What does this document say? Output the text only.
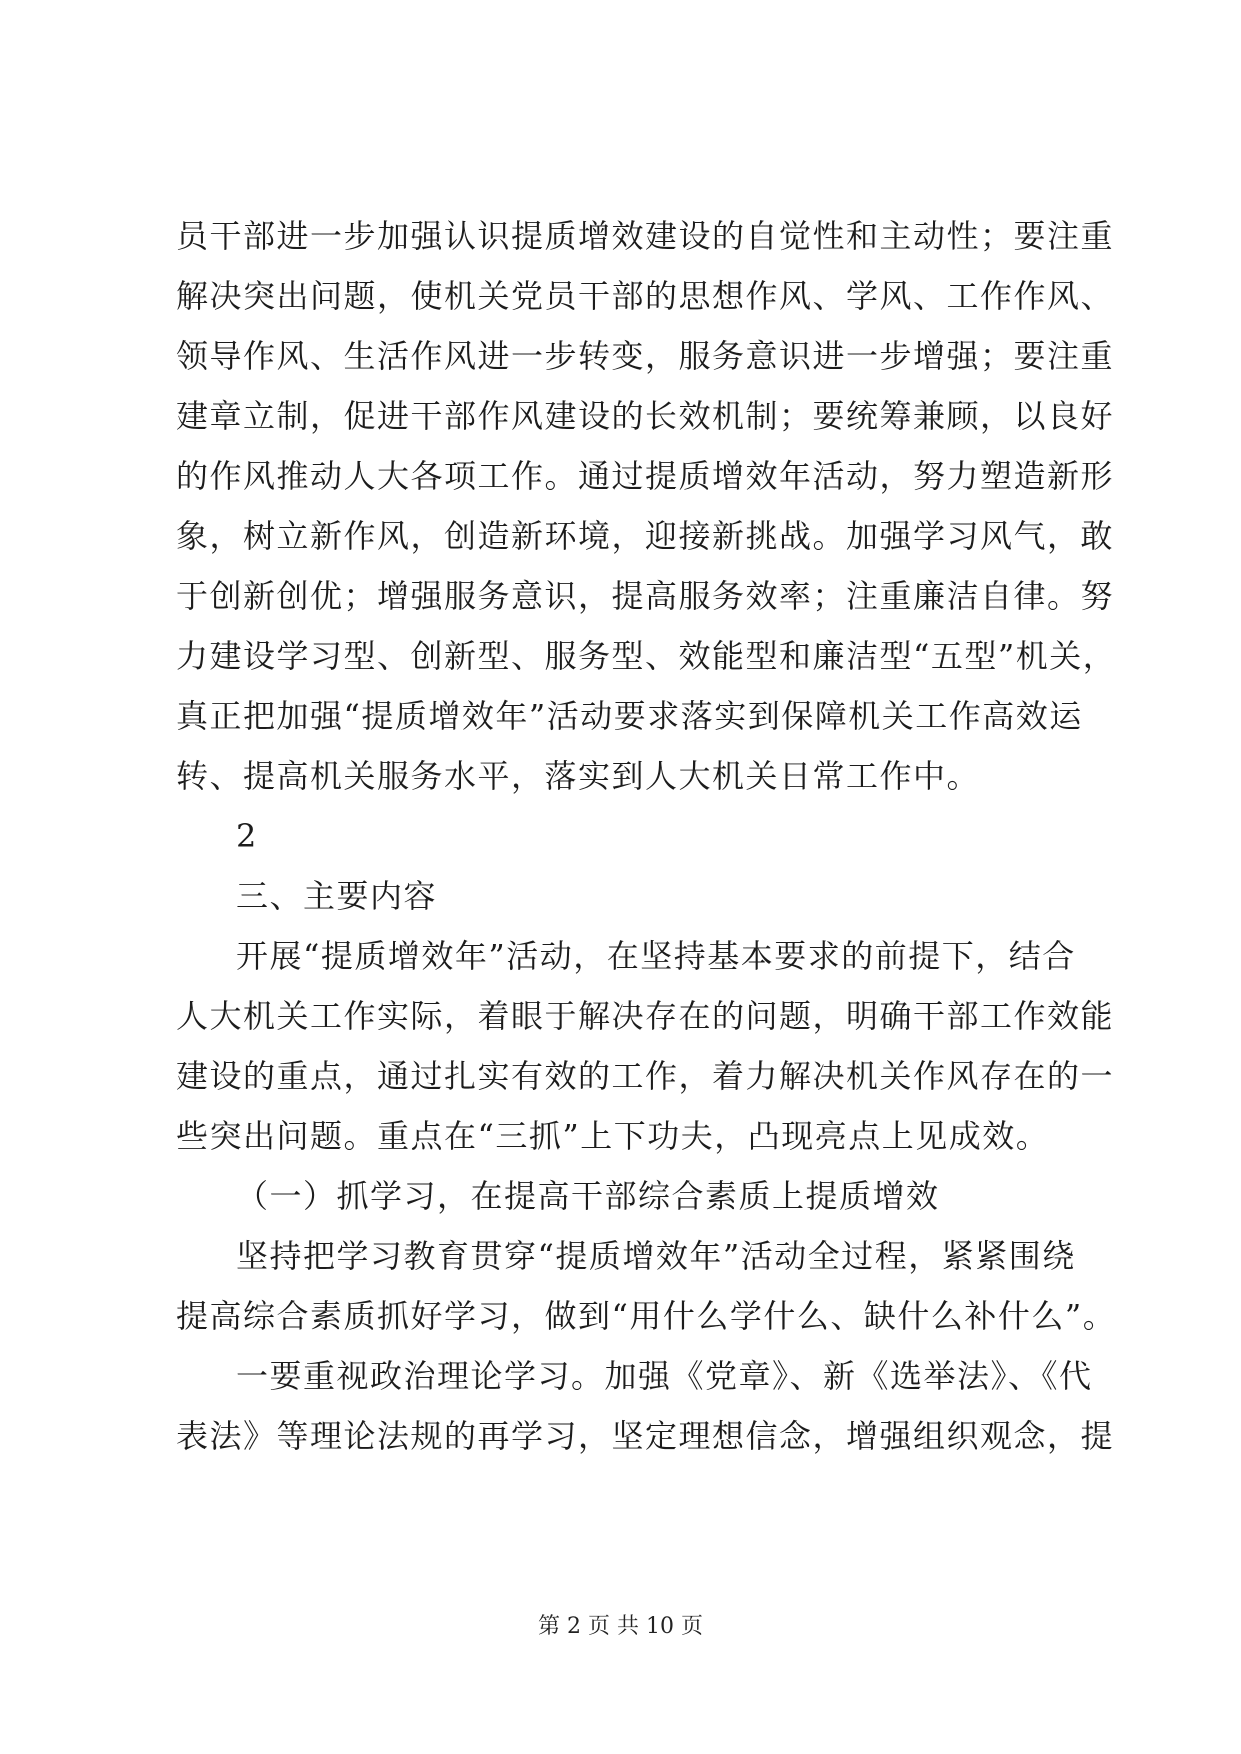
员干部进一步加强认识提质增效建设的自觉性和主动性；要注重
解决突出问题，使机关党员干部的思想作风、学风、工作作风、
领导作风、生活作风进一步转变，服务意识进一步增强；要注重
建章立制，促进干部作风建设的长效机制；要统筹兼顾，以良好
的作风推动人大各项工作。通过提质增效年活动，努力塑造新形
象，树立新作风，创造新环境，迎接新挑战。加强学习风气，敢
于创新创优；增强服务意识，提高服务效率；注重廉洁自律。努
力建设学习型、创新型、服务型、效能型和廉洁型“五型”机关，
真正把加强“提质增效年”活动要求落实到保障机关工作高效运
转、提高机关服务水平，落实到人大机关日常工作中。
2
三、主要内容
开展“提质增效年”活动，在坚持基本要求的前提下，结合
人大机关工作实际，着眼于解决存在的问题，明确干部工作效能
建设的重点，通过扎实有效的工作，着力解决机关作风存在的一
些突出问题。重点在“三抓”上下功夫，凸现亮点上见成效。
（一）抓学习，在提高干部综合素质上提质增效
坚持把学习教育贯穿“提质增效年”活动全过程，紧紧围绕
提高综合素质抓好学习，做到“用什么学什么、缺什么补什么”。
一要重视政治理论学习。加强《党章》、新《选举法》、《代
表法》等理论法规的再学习，坚定理想信念，增强组织观念，提
第 2 页 共 10 页
